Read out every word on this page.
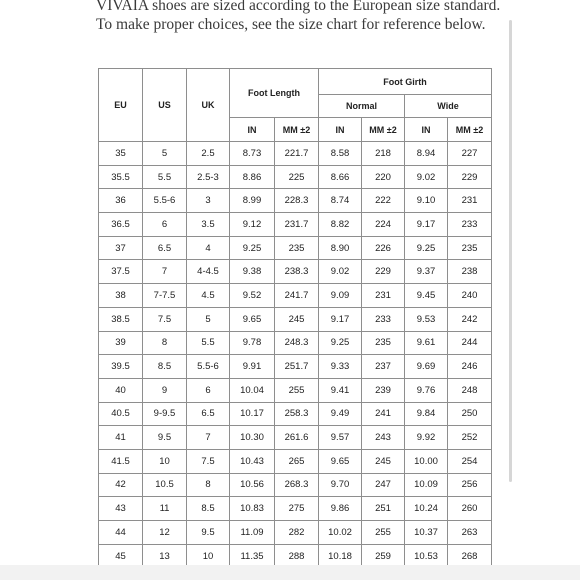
VIVAIA shoes are sized according to the European size standard.
To make proper choices, see the size chart for reference below.

EU	US	UK	Foot Length		Foot Girth			
					Normal		Wide	
			IN	MM ±2	IN	MM ±2	IN	MM ±2
35	5	2.5	8.73	221.7	8.58	218	8.94	227
35.5	5.5	2.5-3	8.86	225	8.66	220	9.02	229
36	5.5-6	3	8.99	228.3	8.74	222	9.10	231
36.5	6	3.5	9.12	231.7	8.82	224	9.17	233
37	6.5	4	9.25	235	8.90	226	9.25	235
37.5	7	4-4.5	9.38	238.3	9.02	229	9.37	238
38	7-7.5	4.5	9.52	241.7	9.09	231	9.45	240
38.5	7.5	5	9.65	245	9.17	233	9.53	242
39	8	5.5	9.78	248.3	9.25	235	9.61	244
39.5	8.5	5.5-6	9.91	251.7	9.33	237	9.69	246
40	9	6	10.04	255	9.41	239	9.76	248
40.5	9-9.5	6.5	10.17	258.3	9.49	241	9.84	250
41	9.5	7	10.30	261.6	9.57	243	9.92	252
41.5	10	7.5	10.43	265	9.65	245	10.00	254
42	10.5	8	10.56	268.3	9.70	247	10.09	256
43	11	8.5	10.83	275	9.86	251	10.24	260
44	12	9.5	11.09	282	10.02	255	10.37	263
45	13	10	11.35	288	10.18	259	10.53	268
